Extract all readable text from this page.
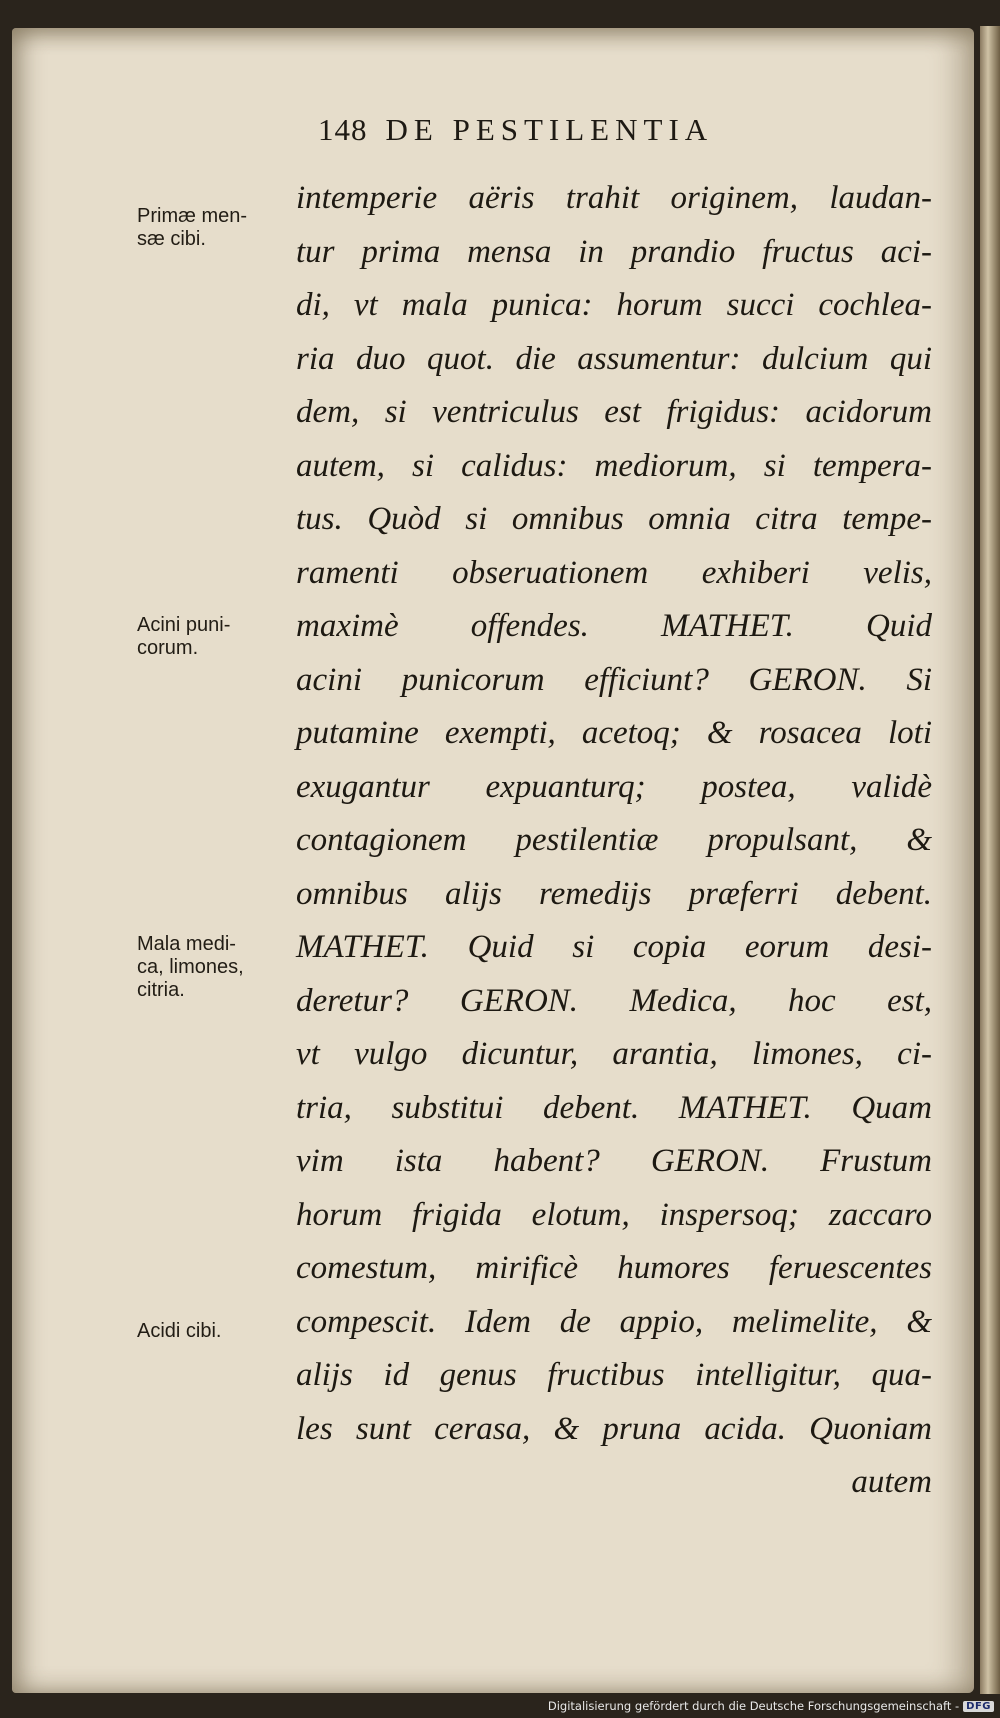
148 DE PESTILENTIA
intemperie aëris trahit originem, laudan-
tur prima mensa in prandio fructus aci-
di, vt mala punica: horum succi cochlea-
ria duo quot. die assumentur: dulcium qui
dem, si ventriculus est frigidus: acidorum
autem, si calidus: mediorum, si tempera-
tus. Quòd si omnibus omnia citra tempe-
ramenti obseruationem exhiberi velis,
maximè offendes. MATHET. Quid
acini punicorum efficiunt? GERON. Si
putamine exempti, acetoq; & rosacea loti
exugantur expuanturq; postea, validè
contagionem pestilentiæ propulsant, &
omnibus alijs remedijs præferri debent.
MATHET. Quid si copia eorum desi-
deretur? GERON. Medica, hoc est,
vt vulgo dicuntur, arantia, limones, ci-
tria, substitui debent. MATHET. Quam
vim ista habent? GERON. Frustum
horum frigida elotum, inspersoq; zaccaro
comestum, mirificè humores feruescentes
compescit. Idem de appio, melimelite, &
alijs id genus fructibus intelligitur, qua-
les sunt cerasa, & pruna acida. Quoniam
autem
Primæ men-
sæ cibi.
Acini puni-
corum.
Mala medi-
ca, limones,
citria.
Acidi cibi.
Digitalisierung gefördert durch die Deutsche Forschungsgemeinschaft - DFG
